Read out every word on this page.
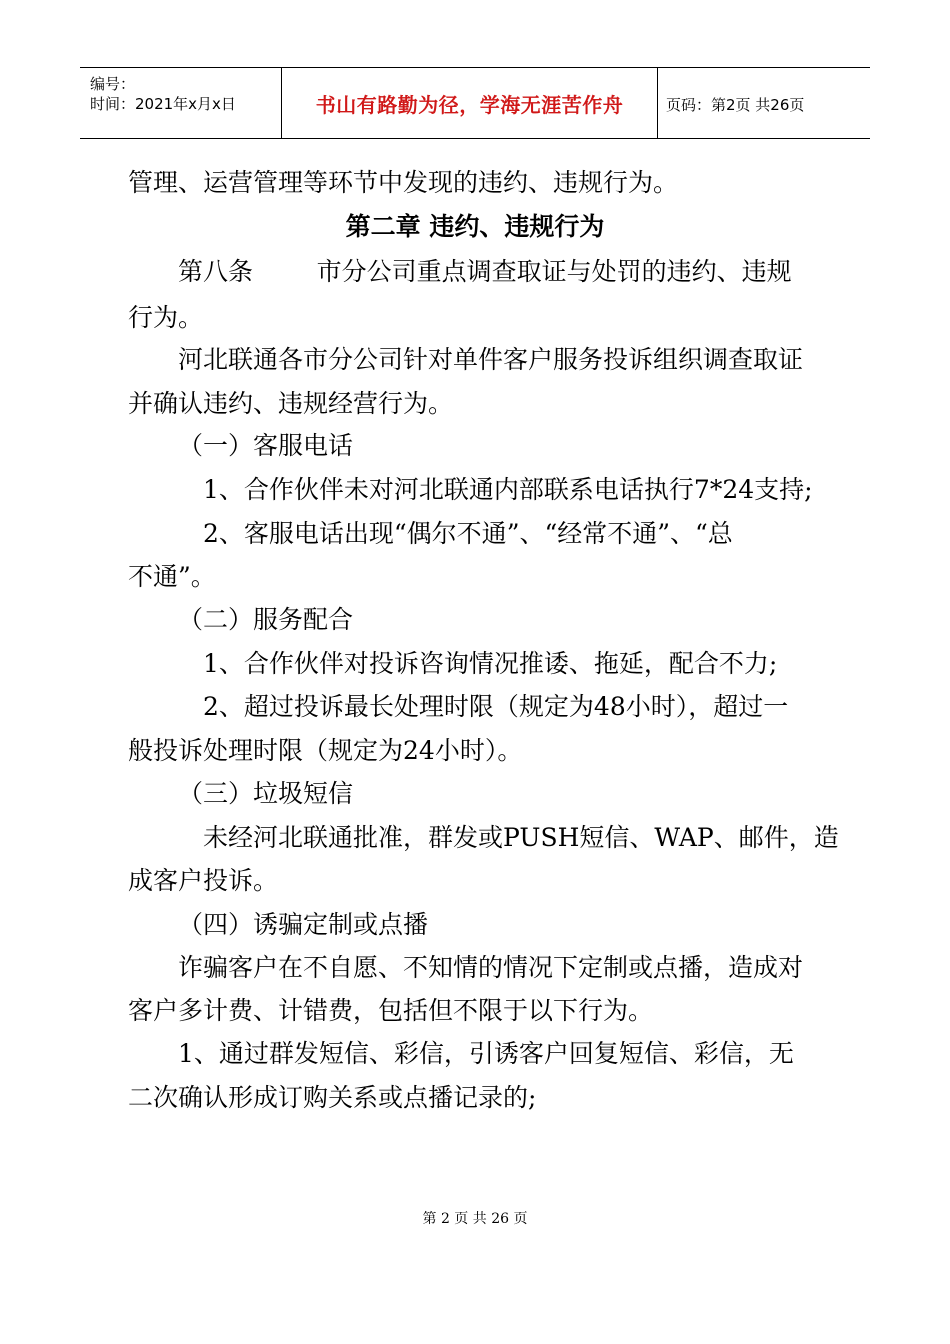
编号：
时间：2021年x月x日	书山有路勤为径，学海无涯苦作舟	页码：第2页 共26页
管理、运营管理等环节中发现的违约、违规行为。
第二章 违约、违规行为
第八条        市分公司重点调查取证与处罚的违约、违规
行为。
河北联通各市分公司针对单件客户服务投诉组织调查取证
并确认违约、违规经营行为。
（一）客服电话
1、合作伙伴未对河北联通内部联系电话执行7*24支持;
2、客服电话出现“偶尔不通”、“经常不通”、“总
不通”。
（二）服务配合
1、合作伙伴对投诉咨询情况推诿、拖延，配合不力;
2、超过投诉最长处理时限（规定为48小时），超过一
般投诉处理时限（规定为24小时）。
（三）垃圾短信
未经河北联通批准，群发或PUSH短信、WAP、邮件，造
成客户投诉。
（四）诱骗定制或点播
诈骗客户在不自愿、不知情的情况下定制或点播，造成对
客户多计费、计错费，包括但不限于以下行为。
1、通过群发短信、彩信，引诱客户回复短信、彩信，无
二次确认形成订购关系或点播记录的;
第 2 页 共 26 页
